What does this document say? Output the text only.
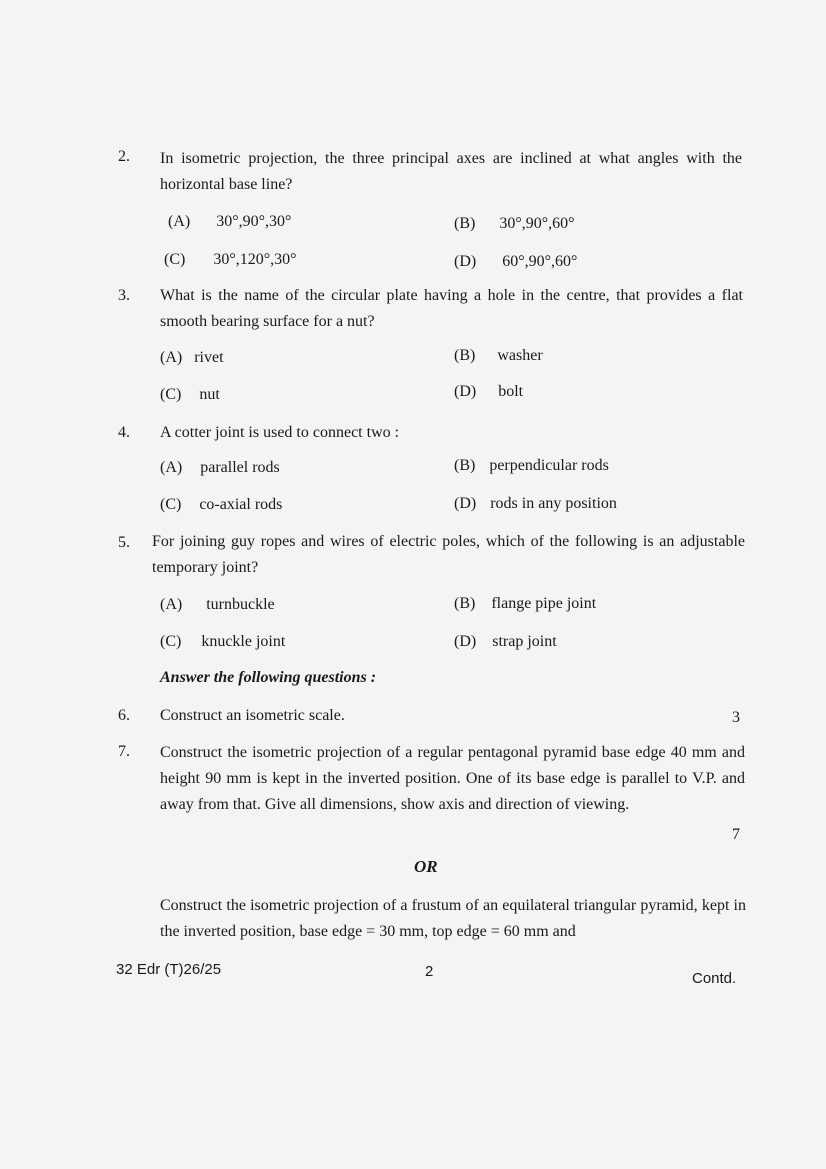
2. In isometric projection, the three principal axes are inclined at what angles with the horizontal base line?
(A) 30°,90°,30°	(B) 30°,90°,60°
(C) 30°,120°,30°	(D) 60°,90°,60°
3. What is the name of the circular plate having a hole in the centre, that provides a flat smooth bearing surface for a nut?
(A) rivet	(B) washer
(C) nut	(D) bolt
4. A cotter joint is used to connect two :
(A) parallel rods	(B) perpendicular rods
(C) co-axial rods	(D) rods in any position
5. For joining guy ropes and wires of electric poles, which of the following is an adjustable temporary joint?
(A) turnbuckle	(B) flange pipe joint
(C) knuckle joint	(D) strap joint
Answer the following questions :
6. Construct an isometric scale.	3
7. Construct the isometric projection of a regular pentagonal pyramid base edge 40 mm and height 90 mm is kept in the inverted position. One of its base edge is parallel to V.P. and away from that. Give all dimensions, show axis and direction of viewing.
7
OR
Construct the isometric projection of a frustum of an equilateral triangular pyramid, kept in the inverted position, base edge = 30 mm, top edge = 60 mm and
32 Edr (T)26/25	2	Contd.
